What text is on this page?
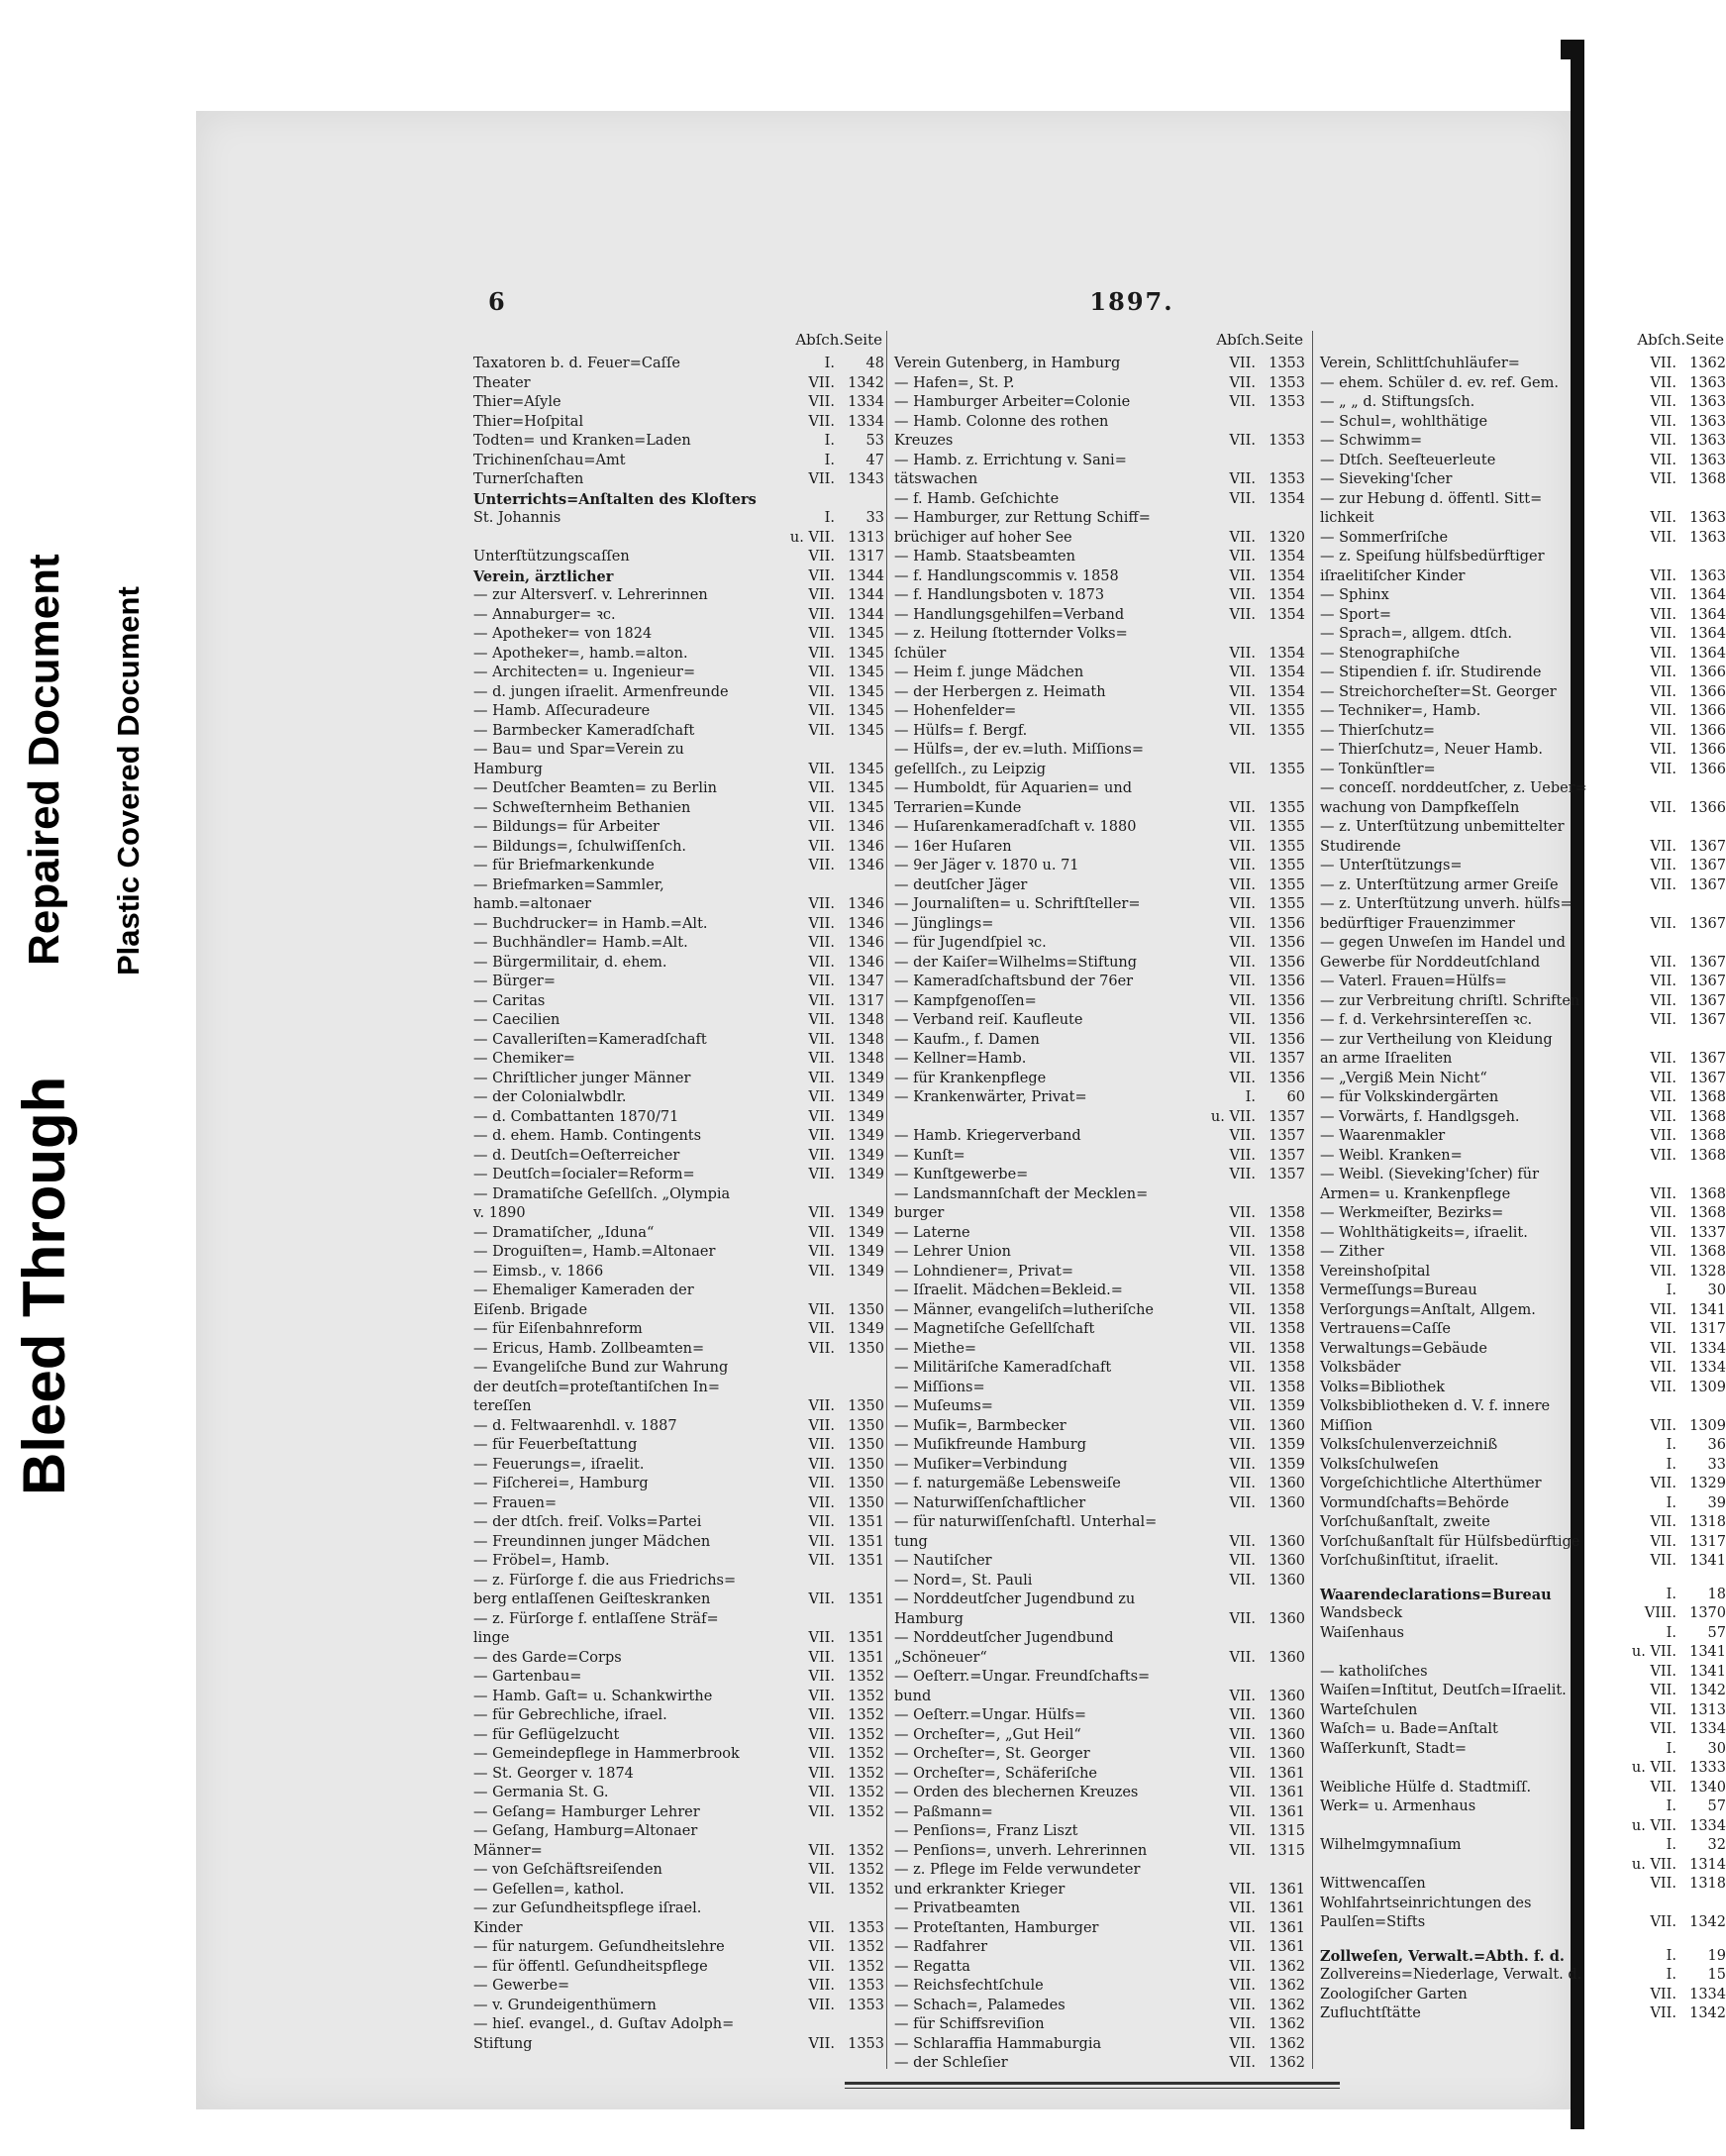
Bleed Through
Repaired Document Plastic Covered Document
6	1897.
Abſch.Seite
Taxatoren b. d. Feuer=Caſſe	I.	48
Theater	VII. 1342
Thier=Aſyle	VII. 1334
Thier=Hoſpital	VII. 1334
Todten= und Kranken=Laden	I.	53
Trichinenſchau=Amt	I.	47
Turnerſchaften	VII. 1343
Unterrichts=Anſtalten des Kloſters
St. Johannis	I.	33
u. VII. 1313
Unterſtützungscaſſen	VII. 1317
Verein, ärztlicher	VII. 1344
— zur Altersverſ. v. Lehrerinnen	VII. 1344
— Annaburger= ꝛc.	VII. 1344
— Apotheker= von 1824	VII. 1345
— Apotheker=, hamb.=alton.	VII. 1345
— Architecten= u. Ingenieur=	VII. 1345
— d. jungen iſraelit. Armenfreunde	VII. 1345
— Hamb. Aſſecuradeure	VII. 1345
— Barmbecker Kameradſchaft	VII. 1345
— Bau= und Spar=Verein zu
Hamburg	VII. 1345
— Deutſcher Beamten= zu Berlin	VII. 1345
— Schweſternheim Bethanien	VII. 1345
— Bildungs= für Arbeiter	VII. 1346
— Bildungs=, ſchulwiſſenſch.	VII. 1346
— für Briefmarkenkunde	VII. 1346
— Briefmarken=Sammler,
hamb.=altonaer	VII. 1346
— Buchdrucker= in Hamb.=Alt.	VII. 1346
— Buchhändler= Hamb.=Alt.	VII. 1346
— Bürgermilitair, d. ehem.	VII. 1346
— Bürger=	VII. 1347
— Caritas	VII. 1317
— Caecilien	VII. 1348
— Cavalleriſten=Kameradſchaft	VII. 1348
— Chemiker=	VII. 1348
— Chriſtlicher junger Männer	VII. 1349
— der Colonialwbdlr.	VII. 1349
— d. Combattanten 1870/71	VII. 1349
— d. ehem. Hamb. Contingents	VII. 1349
— d. Deutſch=Oeſterreicher	VII. 1349
— Deutſch=ſocialer=Reform=	VII. 1349
— Dramatiſche Geſellſch. „Olympia
v. 1890	VII. 1349
— Dramatiſcher, „Iduna“	VII. 1349
— Droguiſten=, Hamb.=Altonaer	VII. 1349
— Eimsb., v. 1866	VII. 1349
— Ehemaliger Kameraden der
Eiſenb. Brigade	VII. 1350
— für Eiſenbahnreform	VII. 1349
— Ericus, Hamb. Zollbeamten=	VII. 1350
— Evangeliſche Bund zur Wahrung
der deutſch=proteſtantiſchen In=
tereſſen	VII. 1350
— d. Feltwaarenhdl. v. 1887	VII. 1350
— für Feuerbeſtattung	VII. 1350
— Feuerungs=, iſraelit.	VII. 1350
— Fiſcherei=, Hamburg	VII. 1350
— Frauen=	VII. 1350
— der dtſch. freiſ. Volks=Partei	VII. 1351
— Freundinnen junger Mädchen	VII. 1351
— Fröbel=, Hamb.	VII. 1351
— z. Fürſorge f. die aus Friedrichs=
berg entlaſſenen Geiſteskranken	VII. 1351
— z. Fürſorge f. entlaſſene Sträf=
linge	VII. 1351
— des Garde=Corps	VII. 1351
— Gartenbau=	VII. 1352
— Hamb. Gaſt= u. Schankwirthe	VII. 1352
— für Gebrechliche, iſrael.	VII. 1352
— für Geflügelzucht	VII. 1352
— Gemeindepflege in Hammerbrook	VII. 1352
— St. Georger v. 1874	VII. 1352
— Germania St. G.	VII. 1352
— Geſang= Hamburger Lehrer	VII. 1352
— Geſang, Hamburg=Altonaer
Männer=	VII. 1352
— von Geſchäftsreiſenden	VII. 1352
— Geſellen=, kathol.	VII. 1352
— zur Geſundheitspflege iſrael.
Kinder	VII. 1353
— für naturgem. Geſundheitslehre	VII. 1352
— für öffentl. Geſundheitspflege	VII. 1352
— Gewerbe=	VII. 1353
— v. Grundeigenthümern	VII. 1353
— hieſ. evangel., d. Guſtav Adolph=
Stiftung	VII. 1353
Abſch.Seite
Verein Gutenberg, in Hamburg	VII. 1353
— Hafen=, St. P.	VII. 1353
— Hamburger Arbeiter=Colonie	VII. 1353
— Hamb. Colonne des rothen
Kreuzes	VII. 1353
— Hamb. z. Errichtung v. Sani=
tätswachen	VII. 1353
— f. Hamb. Geſchichte	VII. 1354
— Hamburger, zur Rettung Schiff=
brüchiger auf hoher See	VII. 1320
— Hamb. Staatsbeamten	VII. 1354
— f. Handlungscommis v. 1858	VII. 1354
— f. Handlungsboten v. 1873	VII. 1354
— Handlungsgehilfen=Verband	VII. 1354
— z. Heilung ſtotternder Volks=
ſchüler	VII. 1354
— Heim f. junge Mädchen	VII. 1354
— der Herbergen z. Heimath	VII. 1354
— Hohenfelder=	VII. 1355
— Hülfs= f. Bergf.	VII. 1355
— Hülfs=, der ev.=luth. Miſſions=
geſellſch., zu Leipzig	VII. 1355
— Humboldt, für Aquarien= und
Terrarien=Kunde	VII. 1355
— Huſarenkameradſchaft v. 1880	VII. 1355
— 16er Huſaren	VII. 1355
— 9er Jäger v. 1870 u. 71	VII. 1355
— deutſcher Jäger	VII. 1355
— Journaliſten= u. Schriftſteller=	VII. 1355
— Jünglings=	VII. 1356
— für Jugendſpiel ꝛc.	VII. 1356
— der Kaiſer=Wilhelms=Stiftung	VII. 1356
— Kameradſchaftsbund der 76er	VII. 1356
— Kampfgenoſſen=	VII. 1356
— Verband reiſ. Kaufleute	VII. 1356
— Kaufm., f. Damen	VII. 1356
— Kellner=Hamb.	VII. 1357
— für Krankenpflege	VII. 1356
— Krankenwärter, Privat=	I.	60
u. VII. 1357
— Hamb. Kriegerverband	VII. 1357
— Kunſt=	VII. 1357
— Kunſtgewerbe=	VII. 1357
— Landsmannſchaft der Mecklen=
burger	VII. 1358
— Laterne	VII. 1358
— Lehrer Union	VII. 1358
— Lohndiener=, Privat=	VII. 1358
— Iſraelit. Mädchen=Bekleid.=	VII. 1358
— Männer, evangeliſch=lutheriſche	VII. 1358
— Magnetiſche Geſellſchaft	VII. 1358
— Miethe=	VII. 1358
— Militäriſche Kameradſchaft	VII. 1358
— Miſſions=	VII. 1358
— Muſeums=	VII. 1359
— Muſik=, Barmbecker	VII. 1360
— Muſikfreunde Hamburg	VII. 1359
— Muſiker=Verbindung	VII. 1359
— f. naturgemäße Lebensweiſe	VII. 1360
— Naturwiſſenſchaftlicher	VII. 1360
— für naturwiſſenſchaftl. Unterhal=
tung	VII. 1360
— Nautiſcher	VII. 1360
— Nord=, St. Pauli	VII. 1360
— Norddeutſcher Jugendbund zu
Hamburg	VII. 1360
— Norddeutſcher Jugendbund
„Schöneuer“	VII. 1360
— Oeſterr.=Ungar. Freundſchafts=
bund	VII. 1360
— Oeſterr.=Ungar. Hülfs=	VII. 1360
— Orcheſter=, „Gut Heil“	VII. 1360
— Orcheſter=, St. Georger	VII. 1360
— Orcheſter=, Schäferiſche	VII. 1361
— Orden des blechernen Kreuzes	VII. 1361
— Paßmann=	VII. 1361
— Penſions=, Franz Liszt	VII. 1315
— Penſions=, unverh. Lehrerinnen	VII. 1315
— z. Pflege im Felde verwundeter
und erkrankter Krieger	VII. 1361
— Privatbeamten	VII. 1361
— Proteſtanten, Hamburger	VII. 1361
— Radfahrer	VII. 1361
— Regatta	VII. 1362
— Reichsfechtſchule	VII. 1362
— Schach=, Palamedes	VII. 1362
— für Schiffsreviſion	VII. 1362
— Schlaraffia Hammaburgia	VII. 1362
— der Schleſier	VII. 1362
Abſch.Seite
Verein, Schlittſchuhläufer=	VII. 1362
— ehem. Schüler d. ev. ref. Gem.	VII. 1363
— „ „ d. Stiftungsſch.	VII. 1363
— Schul=, wohlthätige	VII. 1363
— Schwimm=	VII. 1363
— Dtſch. Seeſteuerleute	VII. 1363
— Sieveking'ſcher	VII. 1368
— zur Hebung d. öffentl. Sitt=
lichkeit	VII. 1363
— Sommerſriſche	VII. 1363
— z. Speiſung hülfsbedürftiger
iſraelitiſcher Kinder	VII. 1363
— Sphinx	VII. 1364
— Sport=	VII. 1364
— Sprach=, allgem. dtſch.	VII. 1364
— Stenographiſche	VII. 1364
— Stipendien f. iſr. Studirende	VII. 1366
— Streichorcheſter=St. Georger	VII. 1366
— Techniker=, Hamb.	VII. 1366
— Thierſchutz=	VII. 1366
— Thierſchutz=, Neuer Hamb.	VII. 1366
— Tonkünſtler=	VII. 1366
— conceſſ. norddeutſcher, z. Ueber=
wachung von Dampfkeſſeln	VII. 1366
— z. Unterſtützung unbemittelter
Studirende	VII. 1367
— Unterſtützungs=	VII. 1367
— z. Unterſtützung armer Greiſe	VII. 1367
— z. Unterſtützung unverh. hülfs=
bedürftiger Frauenzimmer	VII. 1367
— gegen Unweſen im Handel und
Gewerbe für Norddeutſchland	VII. 1367
— Vaterl. Frauen=Hülfs=	VII. 1367
— zur Verbreitung chriſtl. Schriften	VII. 1367
— f. d. Verkehrsintereſſen ꝛc.	VII. 1367
— zur Vertheilung von Kleidung
an arme Iſraeliten	VII. 1367
— „Vergiß Mein Nicht“	VII. 1367
— für Volkskindergärten	VII. 1368
— Vorwärts, f. Handlgsgeh.	VII. 1368
— Waarenmakler	VII. 1368
— Weibl. Kranken=	VII. 1368
— Weibl. (Sieveking'ſcher) für
Armen= u. Krankenpflege	VII. 1368
— Werkmeiſter, Bezirks=	VII. 1368
— Wohlthätigkeits=, iſraelit.	VII. 1337
— Zither	VII. 1368
Vereinshoſpital	VII. 1328
Vermeſſungs=Bureau	I.	30
Verſorgungs=Anſtalt, Allgem.	VII. 1341
Vertrauens=Caſſe	VII. 1317
Verwaltungs=Gebäude	VII. 1334
Volksbäder	VII. 1334
Volks=Bibliothek	VII. 1309
Volksbibliotheken d. V. f. innere
Miſſion	VII. 1309
Volksſchulenverzeichniß	I.	36
Volksſchulweſen	I.	33
Vorgeſchichtliche Alterthümer	VII. 1329
Vormundſchafts=Behörde	I.	39
Vorſchußanſtalt, zweite	VII. 1318
Vorſchußanſtalt für Hülfsbedürftige	VII. 1317
Vorſchußinſtitut, iſraelit.	VII. 1341
Waarendeclarations=Bureau	I.	18
Wandsbeck	VIII. 1370
Waiſenhaus	I.	57
u. VII. 1341
— katholiſches	VII. 1341
Waiſen=Inſtitut, Deutſch=Iſraelit.	VII. 1342
Warteſchulen	VII. 1313
Waſch= u. Bade=Anſtalt	VII. 1334
Waſſerkunſt, Stadt=	I.	30
u. VII. 1333
Weibliche Hülfe d. Stadtmiſſ.	VII. 1340
Werk= u. Armenhaus	I.	57
u. VII. 1334
Wilhelmgymnaſium	I.	32
u. VII. 1314
Wittwencaſſen	VII. 1318
Wohlfahrtseinrichtungen des
Paulſen=Stifts	VII. 1342
Zollweſen, Verwalt.=Abth. f. d.	I.	19
Zollvereins=Niederlage, Verwalt. d.	I.	15
Zoologiſcher Garten	VII. 1334
Zufluchtſtätte	VII. 1342
